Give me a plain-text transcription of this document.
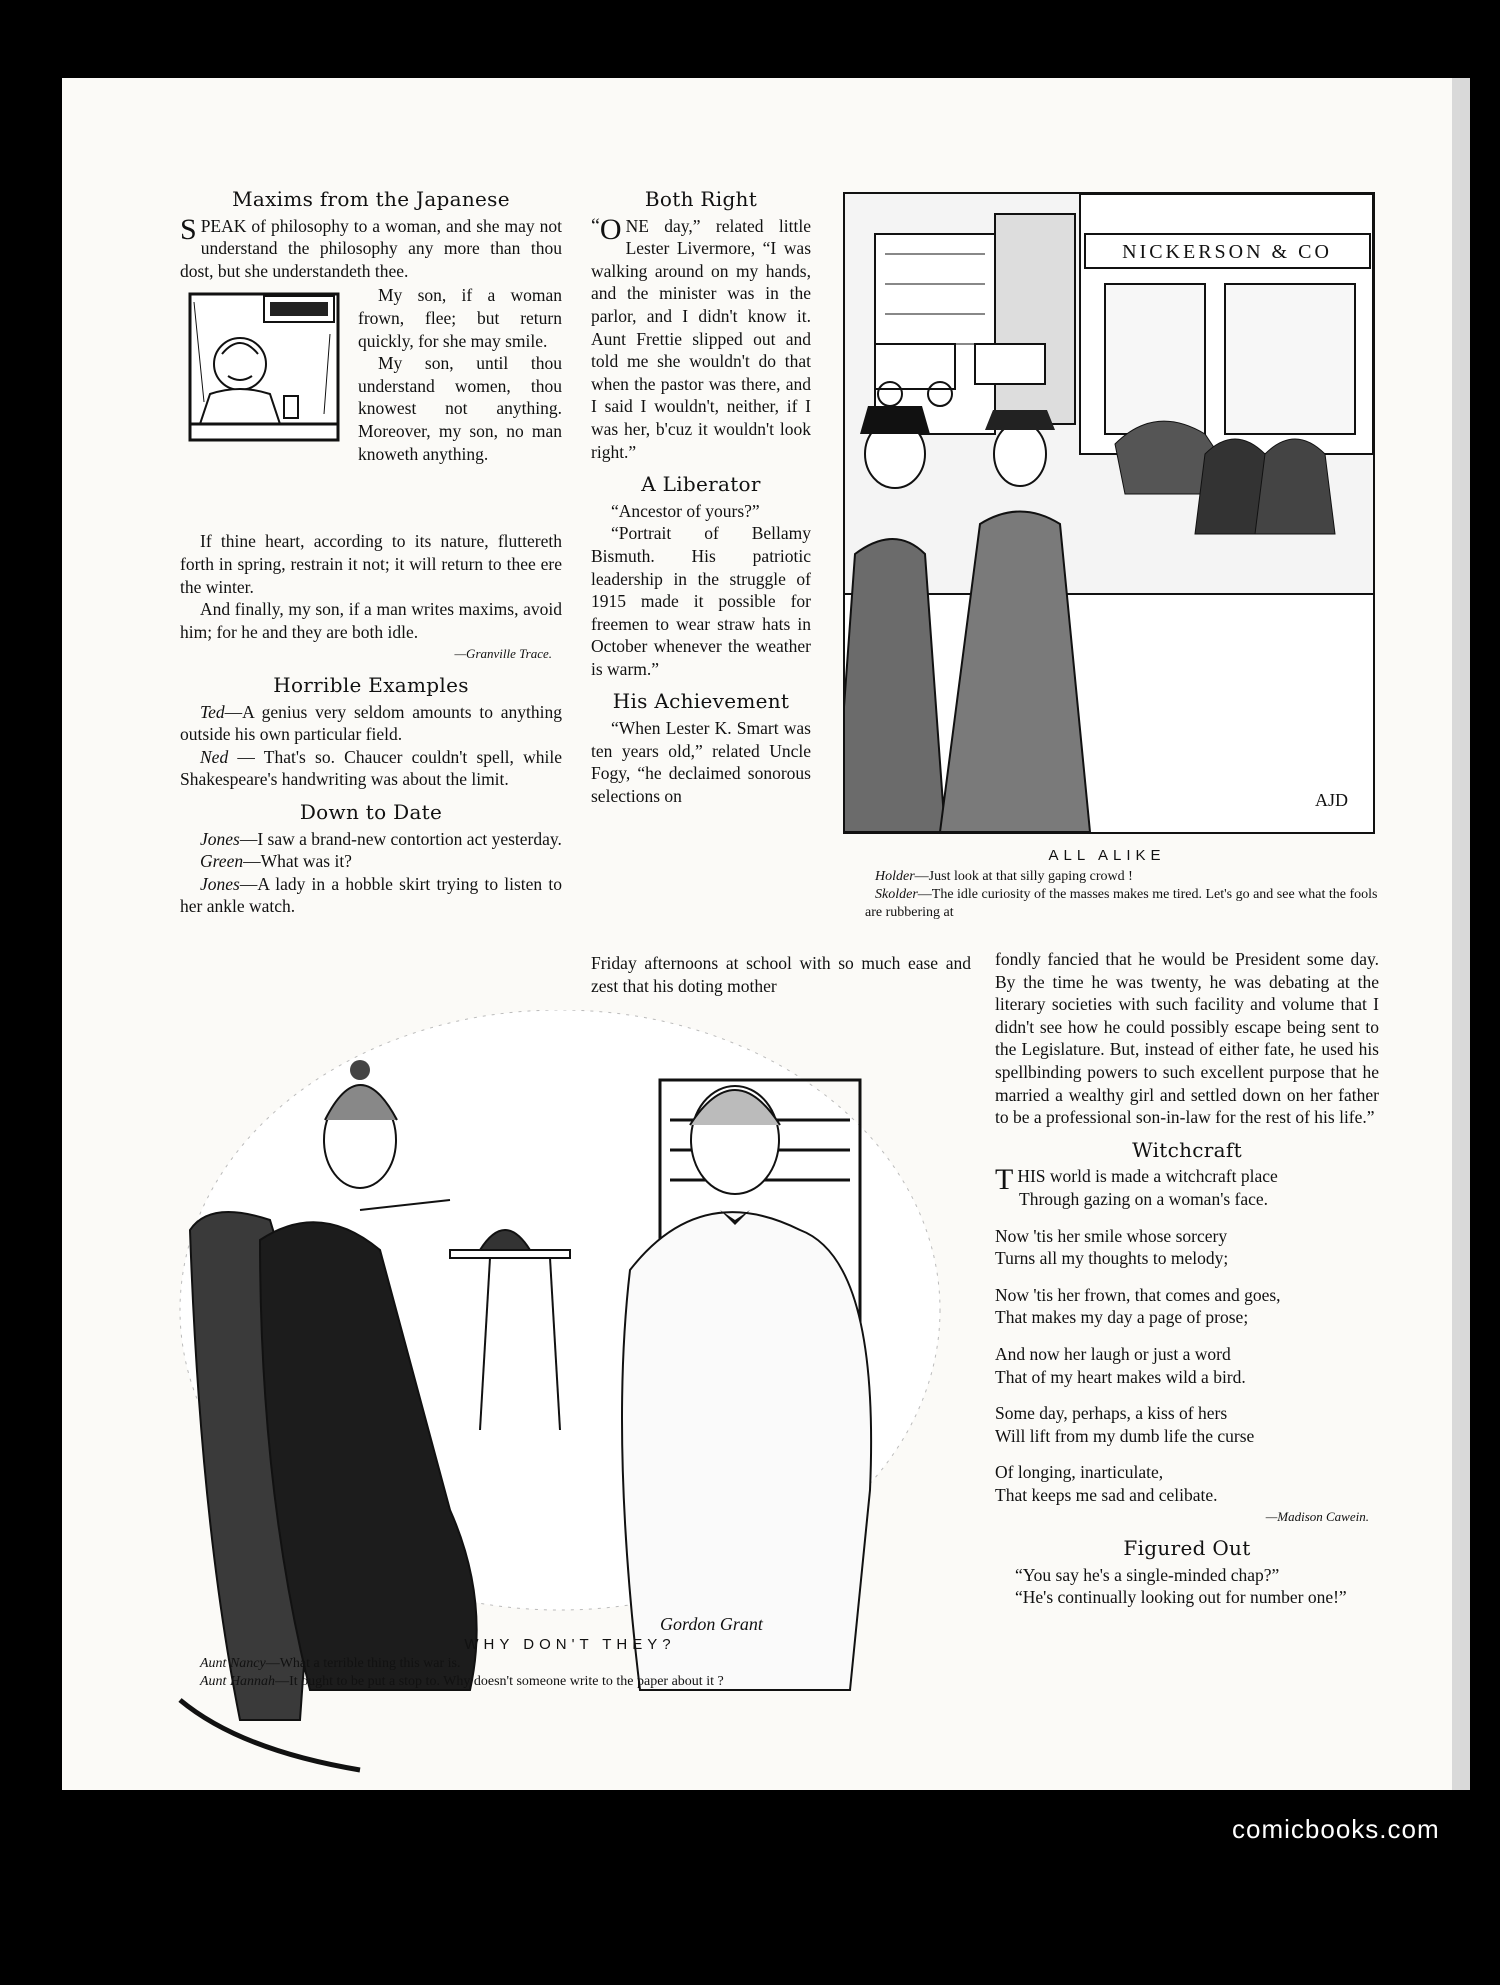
Maxims from the Japanese

SPEAK of philosophy to a woman, and she may not understand the philosophy any more than thou dost, but she understandeth thee.

My son, if a woman frown, flee; but return quickly, for she may smile.

My son, until thou understand women, thou knowest not anything. Moreover, my son, no man knoweth anything.

If thine heart, according to its nature, fluttereth forth in spring, restrain it not; it will return to thee ere the winter.

And finally, my son, if a man writes maxims, avoid him; for he and they are both idle.

—Granville Trace.
Horrible Examples

Ted—A genius very seldom amounts to anything outside his own particular field.

Ned — That's so. Chaucer couldn't spell, while Shakespeare's handwriting was about the limit.

Down to Date

Jones—I saw a brand-new contortion act yesterday.

Green—What was it?

Jones—A lady in a hobble skirt trying to listen to her ankle watch.

Both Right

“ O NE day,” related little Lester Livermore, “I was walking around on my hands, and the minister was in the parlor, and I didn't know it. Aunt Frettie slipped out and told me she wouldn't do that when the pastor was there, and I said I wouldn't, neither, if I was her, b'cuz it wouldn't look right.”

A Liberator

“Ancestor of yours?”

“Portrait of Bellamy Bismuth. His patriotic leadership in the struggle of 1915 made it possible for freemen to wear straw hats in October whenever the weather is warm.”

His Achievement

“When Lester K. Smart was ten years old,” related Uncle Fogy, “he declaimed sonorous selections on

Friday afternoons at school with so much ease and zest that his doting mother
NICKERSON & CO
AJD
ALL ALIKE
Holder—Just look at that silly gaping crowd !
Skolder—The idle curiosity of the masses makes me tired. Let's go and see what the fools are rubbering at

fondly fancied that he would be President some day. By the time he was twenty, he was debating at the literary societies with such facility and volume that I didn't see how he could possibly escape being sent to the Legislature. But, instead of either fate, he used his spellbinding powers to such excellent purpose that he married a wealthy girl and settled down on her father to be a professional son-in-law for the rest of his life.”

Witchcraft

THIS world is made a witchcraft place

Through gazing on a woman's face.

Now 'tis her smile whose sorcery

Turns all my thoughts to melody;

Now 'tis her frown, that comes and goes,

That makes my day a page of prose;

And now her laugh or just a word

That of my heart makes wild a bird.

Some day, perhaps, a kiss of hers

Will lift from my dumb life the curse

Of longing, inarticulate,

That keeps me sad and celibate.

—Madison Cawein.
Figured Out

“You say he's a single-minded chap?”

“He's continually looking out for number one!”

Gordon Grant
WHY DON'T THEY?
Aunt Nancy—What a terrible thing this war is.
Aunt Hannah—It ought to be put a stop to. Why doesn't someone write to the paper about it ?
comicbooks.com
